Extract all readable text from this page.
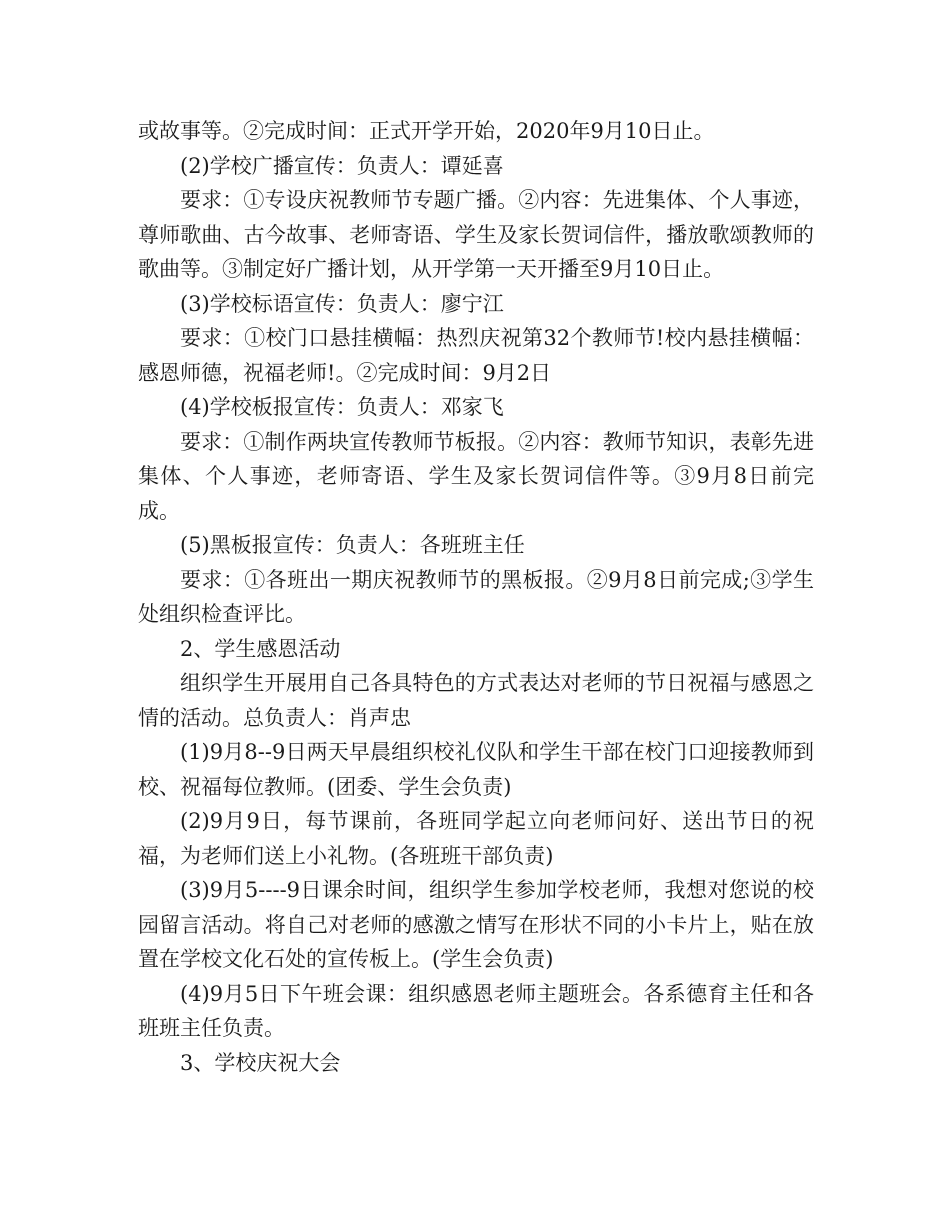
或故事等。②完成时间：正式开学开始，2020年9月10日止。

(2)学校广播宣传：负责人：谭延喜

要求：①专设庆祝教师节专题广播。②内容：先进集体、个人事迹，尊师歌曲、古今故事、老师寄语、学生及家长贺词信件，播放歌颂教师的歌曲等。③制定好广播计划，从开学第一天开播至9月10日止。

(3)学校标语宣传：负责人：廖宁江

要求：①校门口悬挂横幅：热烈庆祝第32个教师节!校内悬挂横幅：感恩师德，祝福老师!。②完成时间：9月2日

(4)学校板报宣传：负责人：邓家飞

要求：①制作两块宣传教师节板报。②内容：教师节知识，表彰先进集体、个人事迹，老师寄语、学生及家长贺词信件等。③9月8日前完成。

(5)黑板报宣传：负责人：各班班主任

要求：①各班出一期庆祝教师节的黑板报。②9月8日前完成;③学生处组织检查评比。

2、学生感恩活动

组织学生开展用自己各具特色的方式表达对老师的节日祝福与感恩之情的活动。总负责人：肖声忠

(1)9月8--9日两天早晨组织校礼仪队和学生干部在校门口迎接教师到校、祝福每位教师。(团委、学生会负责)

(2)9月9日，每节课前，各班同学起立向老师问好、送出节日的祝福，为老师们送上小礼物。(各班班干部负责)

(3)9月5----9日课余时间，组织学生参加学校老师，我想对您说的校园留言活动。将自己对老师的感激之情写在形状不同的小卡片上，贴在放置在学校文化石处的宣传板上。(学生会负责)

(4)9月5日下午班会课：组织感恩老师主题班会。各系德育主任和各班班主任负责。

3、学校庆祝大会
